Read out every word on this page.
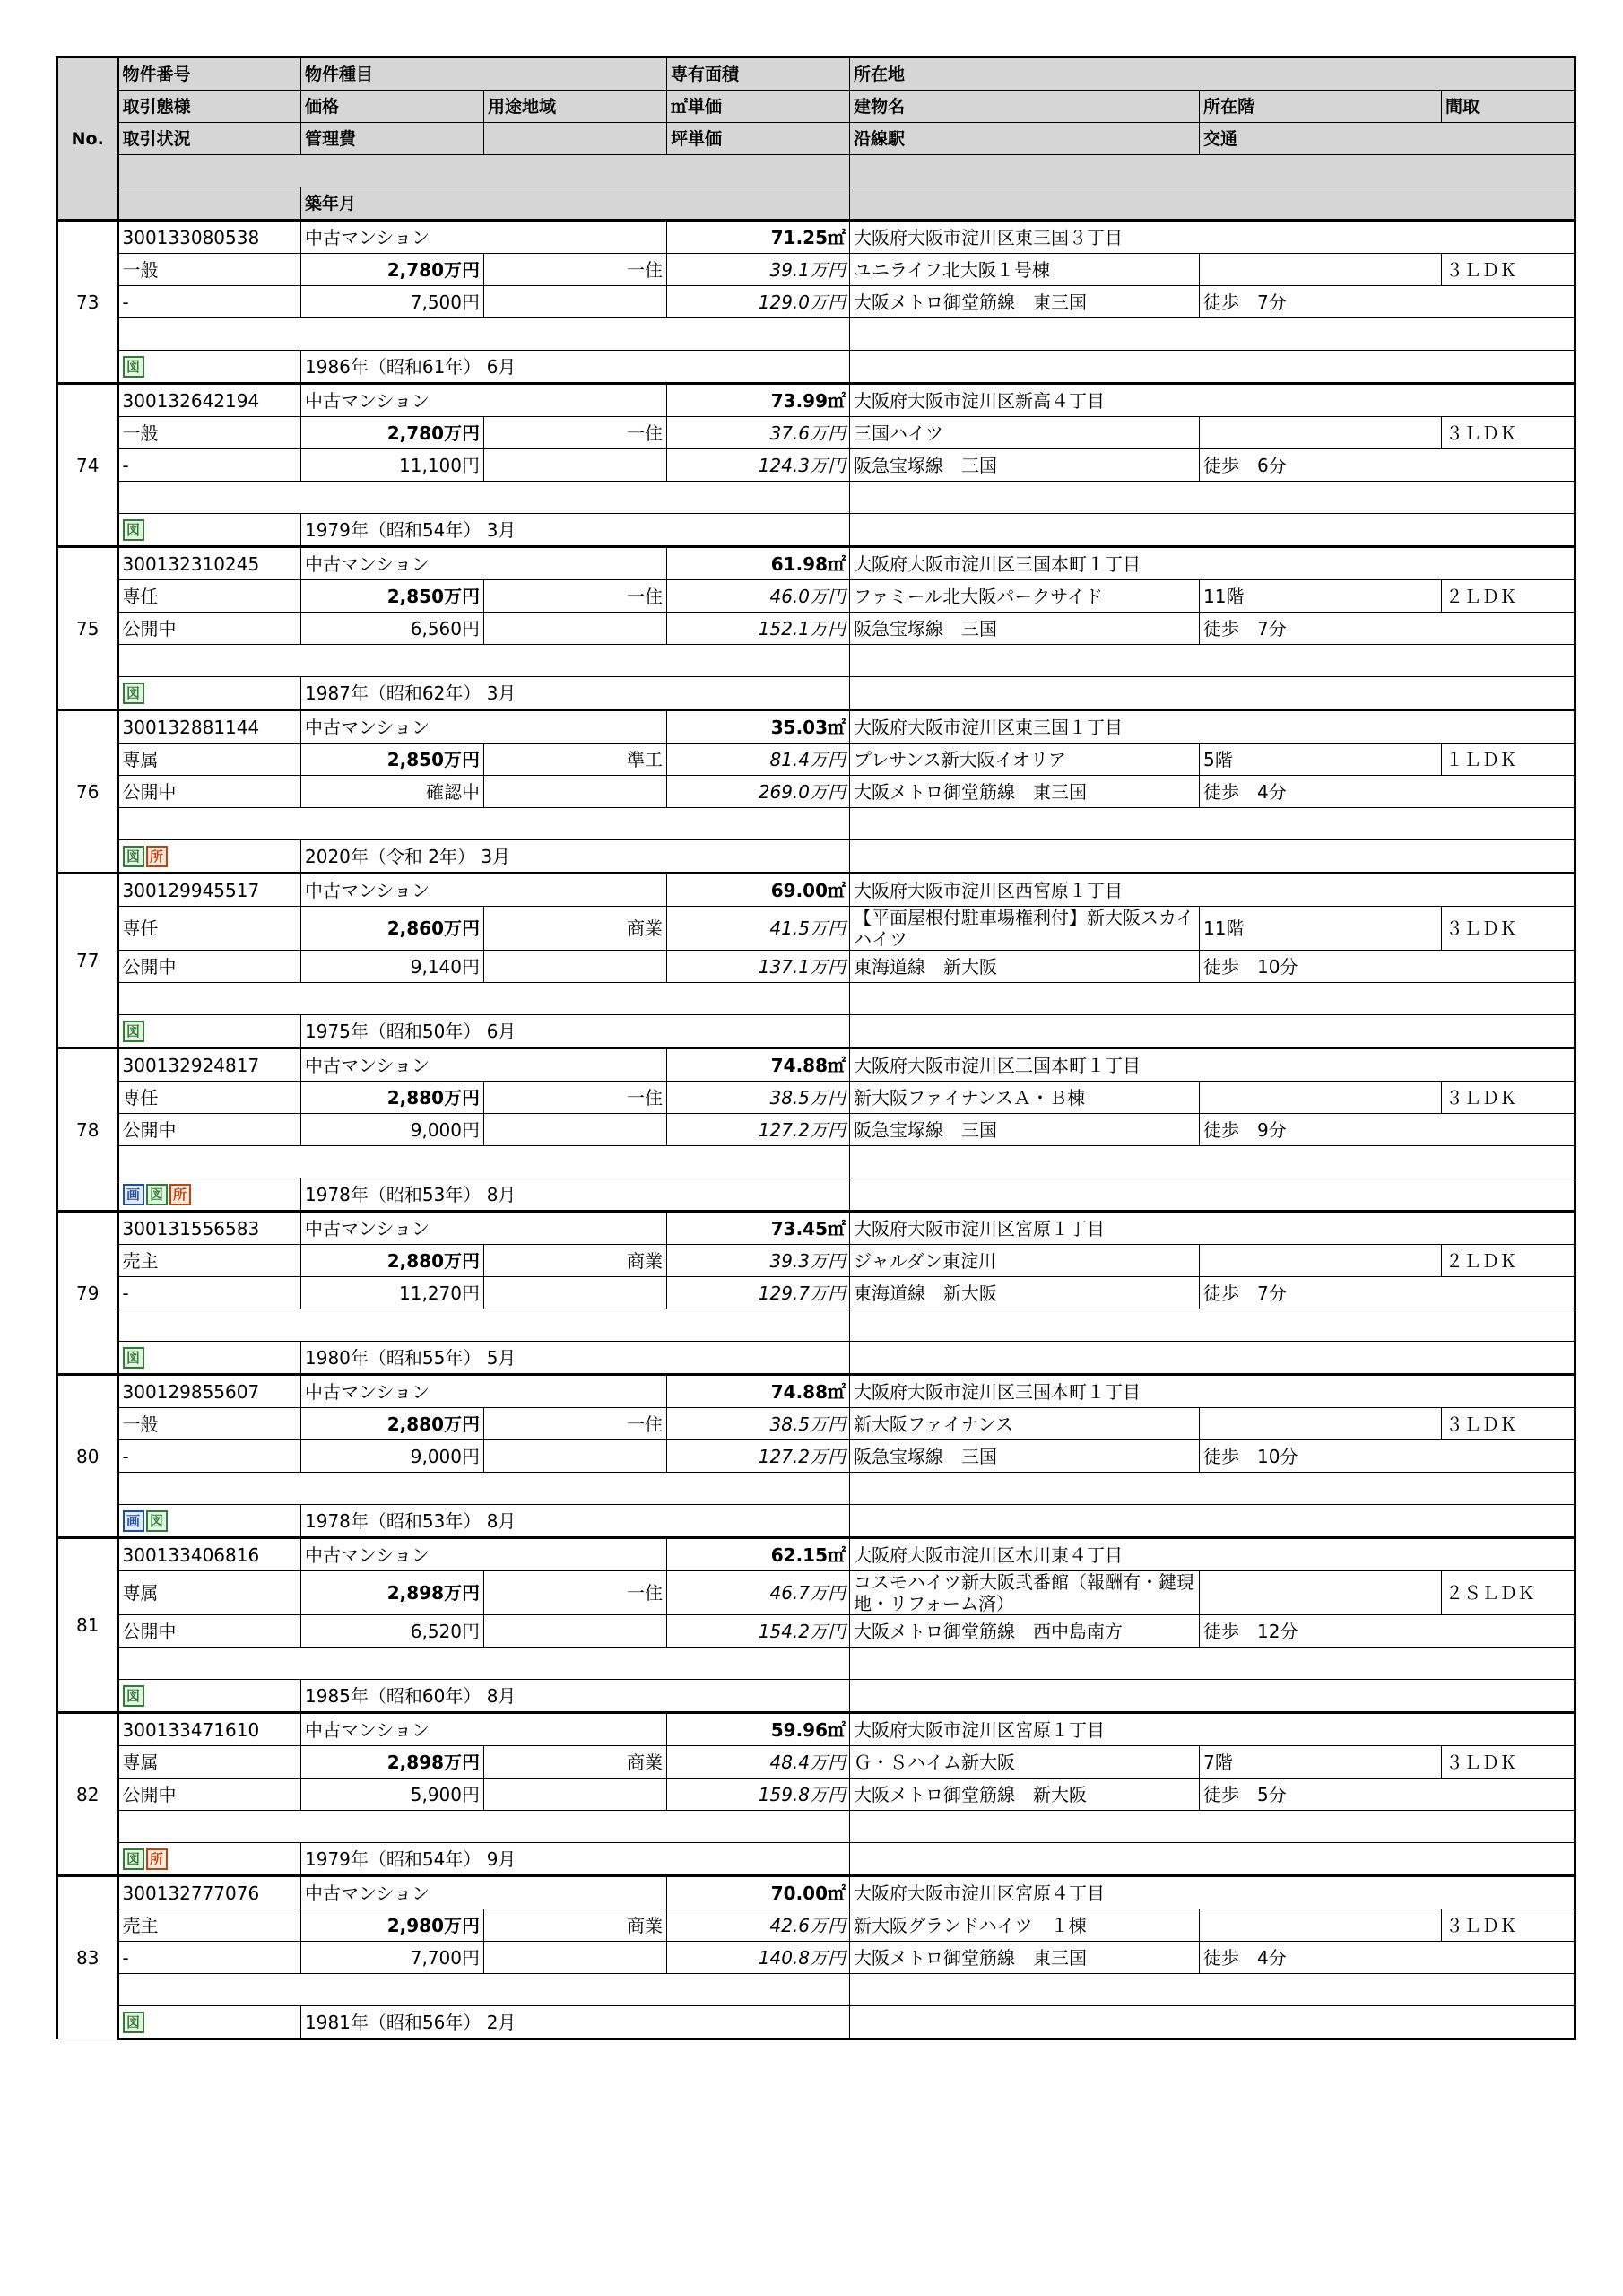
No.	物件番号	物件種目		専有面積	所在地		
	取引態様	価格	用途地域	㎡単価	建物名	所在階	間取
	取引状況	管理費		坪単価	沿線駅	交通	

		築年月					
73	300133080538	中古マンション		71.25㎡	大阪府大阪市淀川区東三国３丁目		
	一般	2,780万円	一住	39.1万円	ユニライフ北大阪１号棟		３ＬＤＫ
	-	7,500円		129.0万円	大阪メトロ御堂筋線　東三国	徒歩　7分	

	図	1986年（昭和61年） 6月					
74	300132642194	中古マンション		73.99㎡	大阪府大阪市淀川区新高４丁目		
	一般	2,780万円	一住	37.6万円	三国ハイツ		３ＬＤＫ
	-	11,100円		124.3万円	阪急宝塚線　三国	徒歩　6分	

	図	1979年（昭和54年） 3月					
75	300132310245	中古マンション		61.98㎡	大阪府大阪市淀川区三国本町１丁目		
	専任	2,850万円	一住	46.0万円	ファミール北大阪パークサイド	11階	２ＬＤＫ
	公開中	6,560円		152.1万円	阪急宝塚線　三国	徒歩　7分	

	図	1987年（昭和62年） 3月					
76	300132881144	中古マンション		35.03㎡	大阪府大阪市淀川区東三国１丁目		
	専属	2,850万円	準工	81.4万円	プレサンス新大阪イオリア	5階	１ＬＤＫ
	公開中	確認中		269.0万円	大阪メトロ御堂筋線　東三国	徒歩　4分	

	図 所	2020年（令和 2年） 3月					
77	300129945517	中古マンション		69.00㎡	大阪府大阪市淀川区西宮原１丁目		
	専任	2,860万円	商業	41.5万円	【平面屋根付駐車場権利付】新大阪スカイハイツ	11階	３ＬＤＫ
	公開中	9,140円		137.1万円	東海道線　新大阪	徒歩　10分	

	図	1975年（昭和50年） 6月					
78	300132924817	中古マンション		74.88㎡	大阪府大阪市淀川区三国本町１丁目		
	専任	2,880万円	一住	38.5万円	新大阪ファイナンスＡ・Ｂ棟		３ＬＤＫ
	公開中	9,000円		127.2万円	阪急宝塚線　三国	徒歩　9分	

	画 図 所	1978年（昭和53年） 8月					
79	300131556583	中古マンション		73.45㎡	大阪府大阪市淀川区宮原１丁目		
	売主	2,880万円	商業	39.3万円	ジャルダン東淀川		２ＬＤＫ
	-	11,270円		129.7万円	東海道線　新大阪	徒歩　7分	

	図	1980年（昭和55年） 5月					
80	300129855607	中古マンション		74.88㎡	大阪府大阪市淀川区三国本町１丁目		
	一般	2,880万円	一住	38.5万円	新大阪ファイナンス		３ＬＤＫ
	-	9,000円		127.2万円	阪急宝塚線　三国	徒歩　10分	

	画 図	1978年（昭和53年） 8月					
81	300133406816	中古マンション		62.15㎡	大阪府大阪市淀川区木川東４丁目		
	専属	2,898万円	一住	46.7万円	コスモハイツ新大阪弐番館（報酬有・鍵現地・リフォーム済）		２ＳＬＤＫ
	公開中	6,520円		154.2万円	大阪メトロ御堂筋線　西中島南方	徒歩　12分	

	図	1985年（昭和60年） 8月					
82	300133471610	中古マンション		59.96㎡	大阪府大阪市淀川区宮原１丁目		
	専属	2,898万円	商業	48.4万円	Ｇ・Ｓハイム新大阪	7階	３ＬＤＫ
	公開中	5,900円		159.8万円	大阪メトロ御堂筋線　新大阪	徒歩　5分	

	図 所	1979年（昭和54年） 9月					
83	300132777076	中古マンション		70.00㎡	大阪府大阪市淀川区宮原４丁目		
	売主	2,980万円	商業	42.6万円	新大阪グランドハイツ　１棟		３ＬＤＫ
	-	7,700円		140.8万円	大阪メトロ御堂筋線　東三国	徒歩　4分	

	図	1981年（昭和56年） 2月					
